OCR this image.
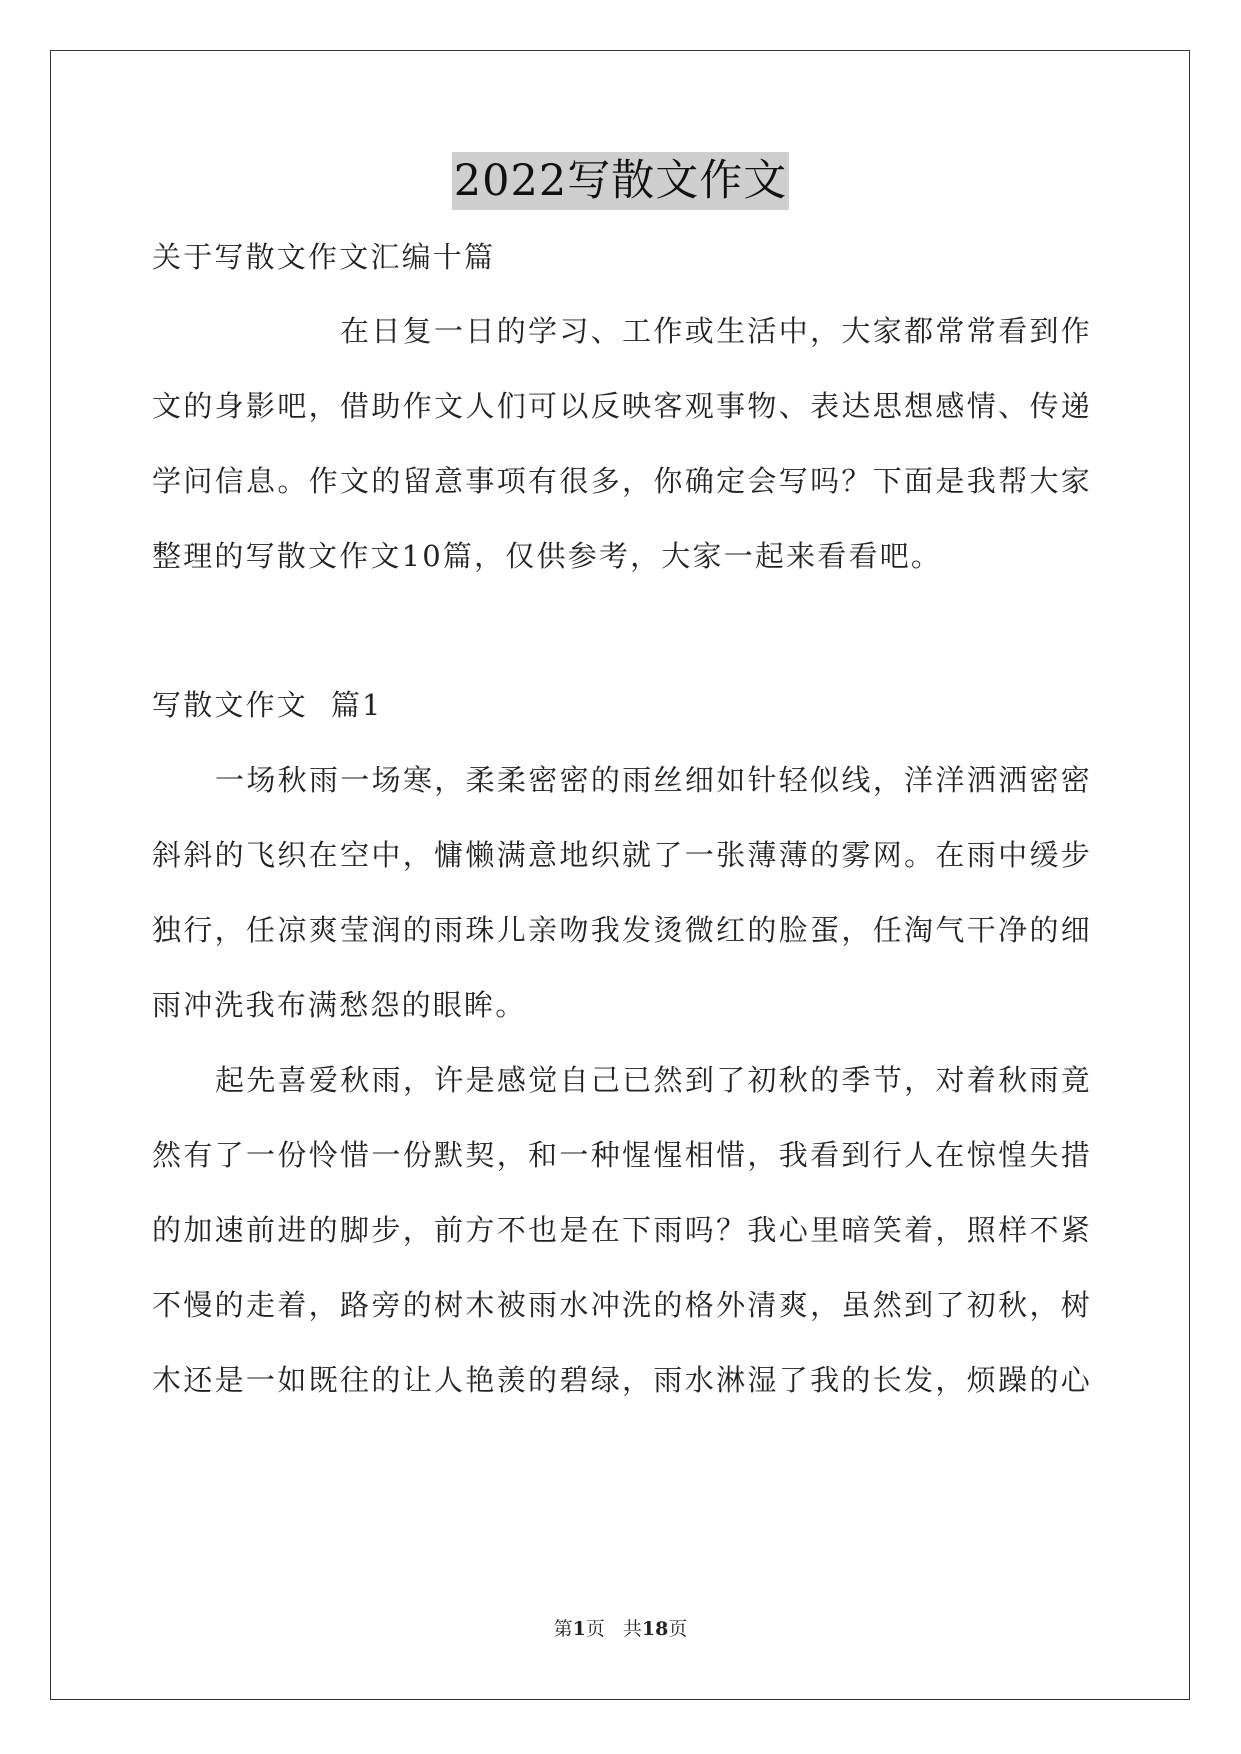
2022写散文作文
关于写散文作文汇编十篇
在日复一日的学习、工作或生活中，大家都常常看到作
文的身影吧，借助作文人们可以反映客观事物、表达思想感情、传递
学问信息。作文的留意事项有很多，你确定会写吗？下面是我帮大家
整理的写散文作文10篇，仅供参考，大家一起来看看吧。
写散文作文  篇1
一场秋雨一场寒，柔柔密密的雨丝细如针轻似线，洋洋洒洒密密
斜斜的飞织在空中，慵懒满意地织就了一张薄薄的雾网。在雨中缓步
独行，任凉爽莹润的雨珠儿亲吻我发烫微红的脸蛋，任淘气干净的细
雨冲洗我布满愁怨的眼眸。
起先喜爱秋雨，许是感觉自己已然到了初秋的季节，对着秋雨竟
然有了一份怜惜一份默契，和一种惺惺相惜，我看到行人在惊惶失措
的加速前进的脚步，前方不也是在下雨吗？我心里暗笑着，照样不紧
不慢的走着，路旁的树木被雨水冲洗的格外清爽，虽然到了初秋，树
木还是一如既往的让人艳羡的碧绿，雨水淋湿了我的长发，烦躁的心
第1页 共18页
